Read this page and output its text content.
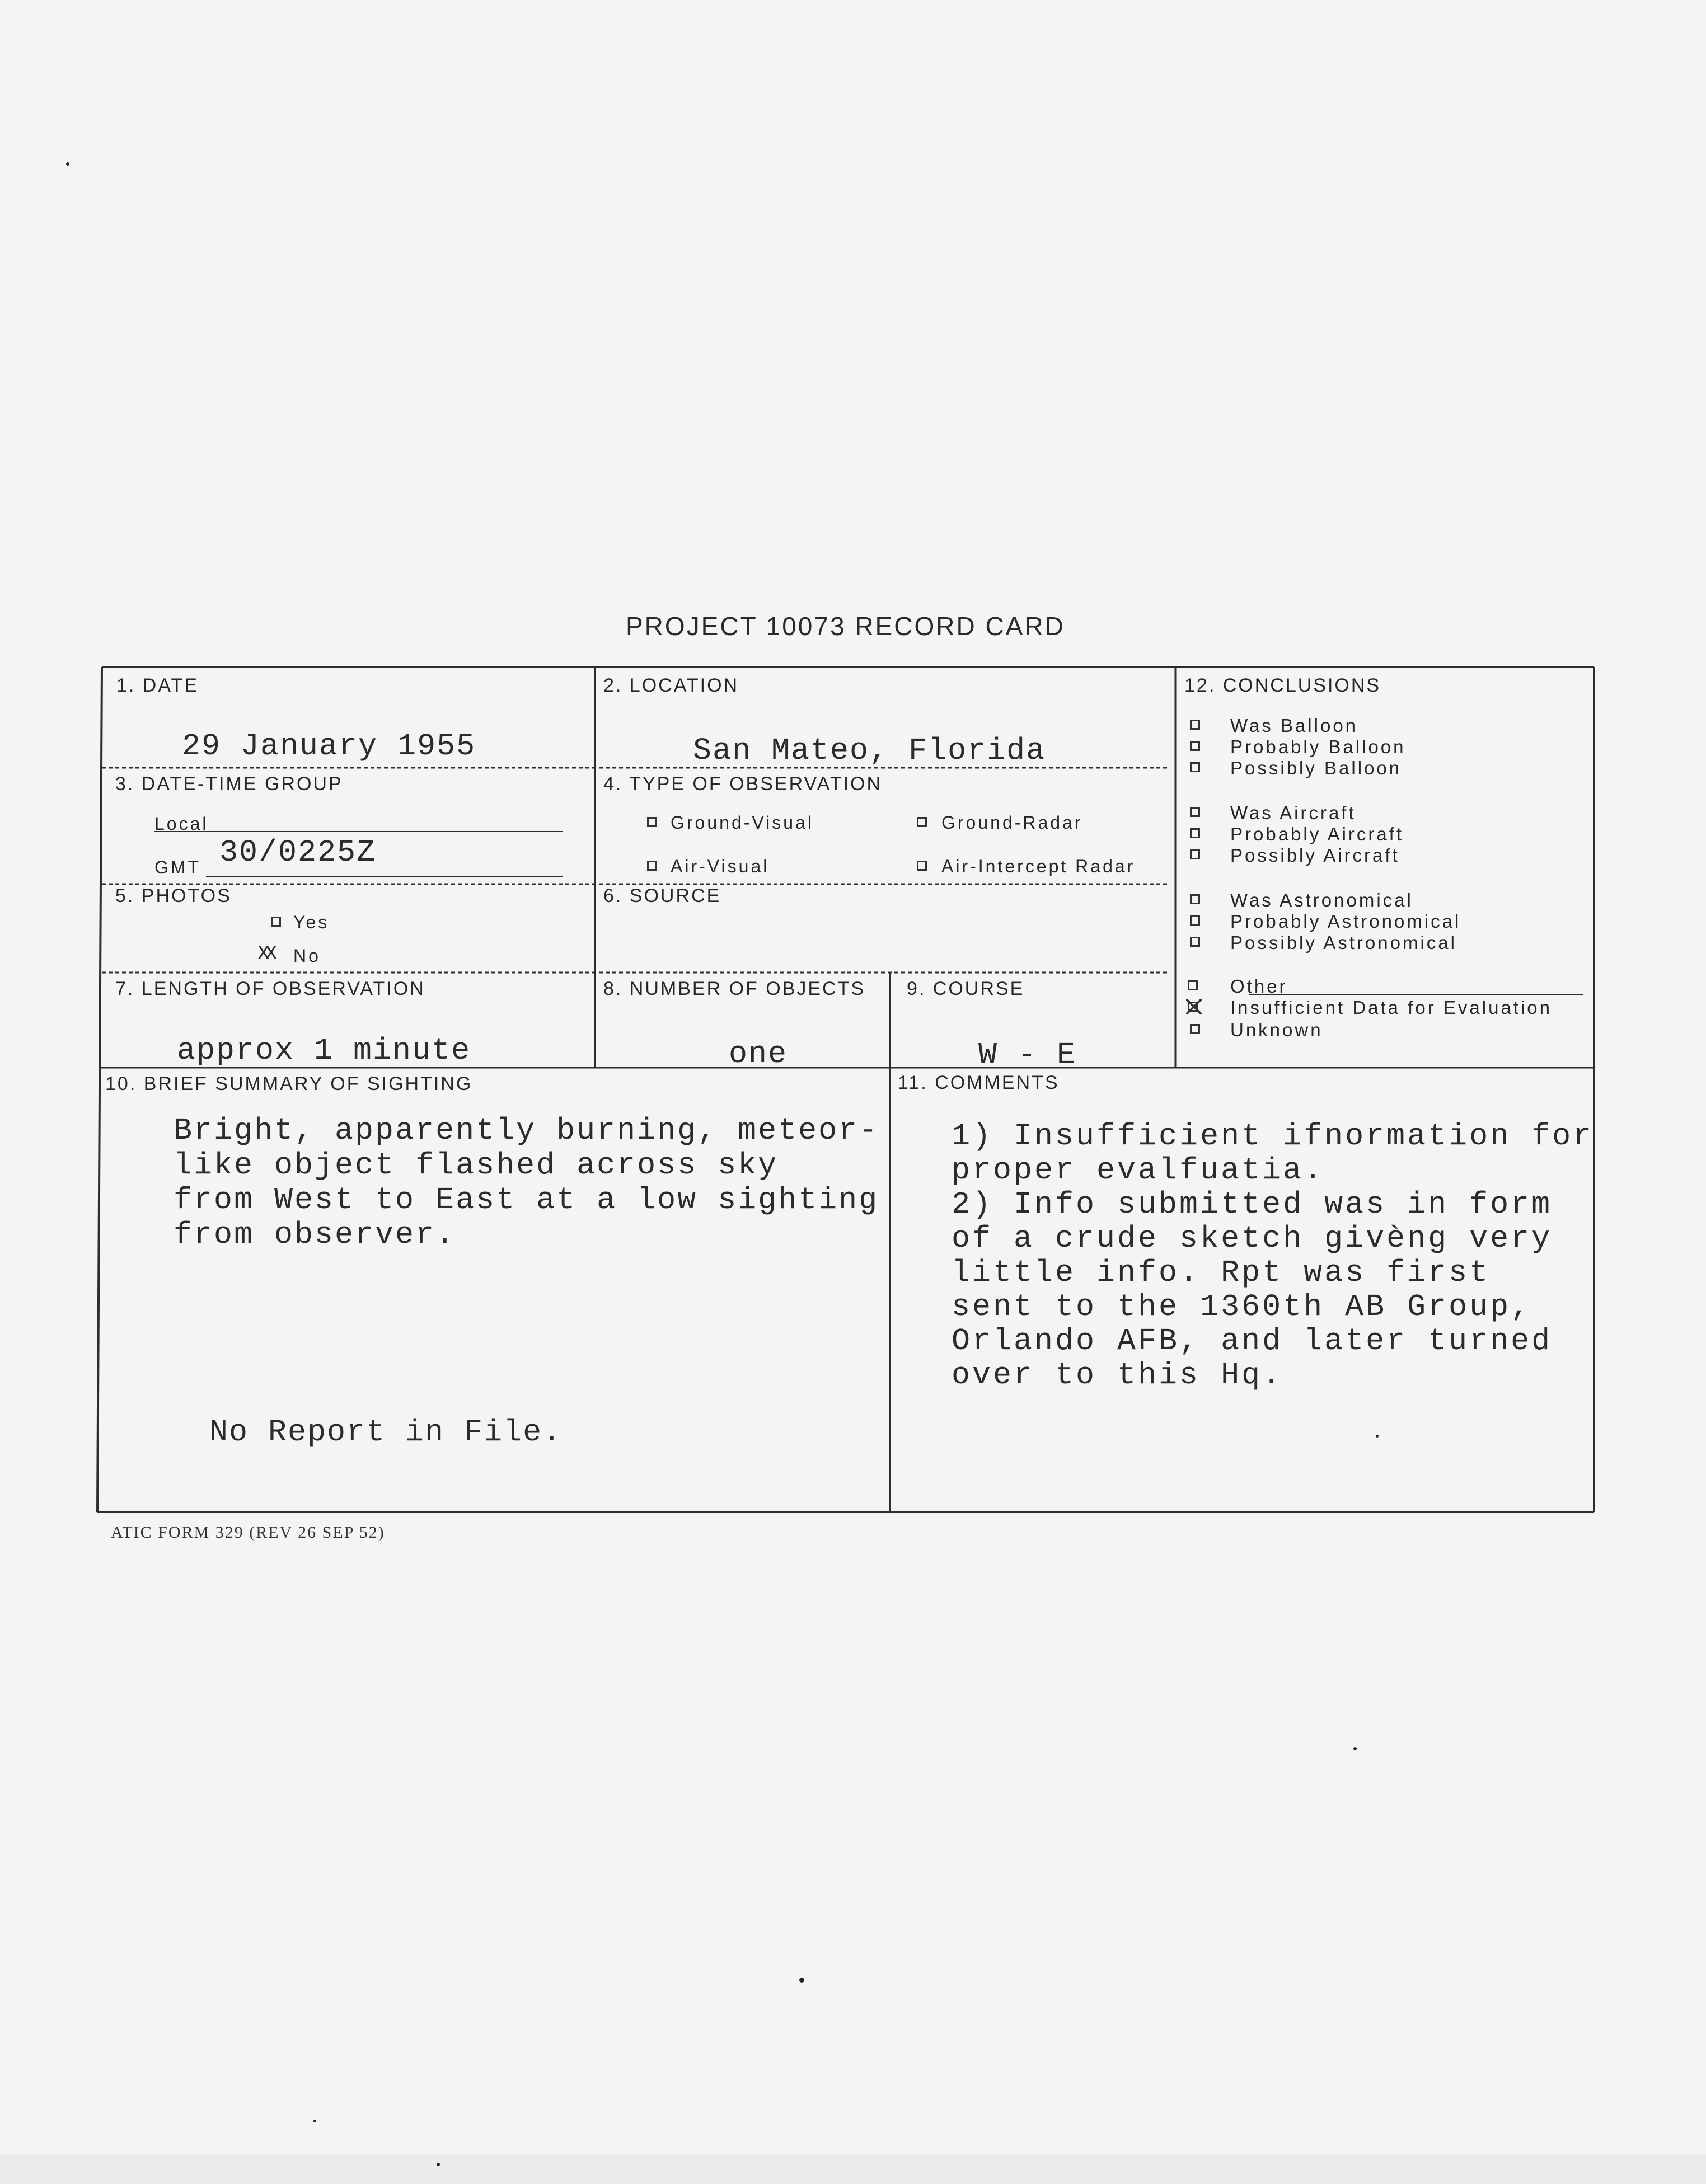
PROJECT 10073 RECORD CARD
1. DATE
29 January 1955
2. LOCATION
San Mateo, Florida
3. DATE-TIME GROUP
Local
GMT 30/0225Z
4. TYPE OF OBSERVATION
Ground-Visual	Ground-Radar
Air-Visual	Air-Intercept Radar
5. PHOTOS
Yes
XX No
6. SOURCE
7. LENGTH OF OBSERVATION
approx 1 minute
8. NUMBER OF OBJECTS
one
9. COURSE
W - E
12. CONCLUSIONS
Was Balloon
Probably Balloon
Possibly Balloon
Was Aircraft
Probably Aircraft
Possibly Aircraft
Was Astronomical
Probably Astronomical
Possibly Astronomical
Other
Insufficient Data for Evaluation
Unknown
10. BRIEF SUMMARY OF SIGHTING
Bright, apparently burning, meteor-
like object flashed across sky
from West to East at a low sighting
from observer.
No Report in File.
11. COMMENTS
1) Insufficient ifnormation for
proper evalfuatia.
2) Info submitted was in form
of a crude sketch givèng very
little info. Rpt was first
sent to the 1360th AB Group,
Orlando AFB, and later turned
over to this Hq.
ATIC FORM 329 (REV 26 SEP 52)
